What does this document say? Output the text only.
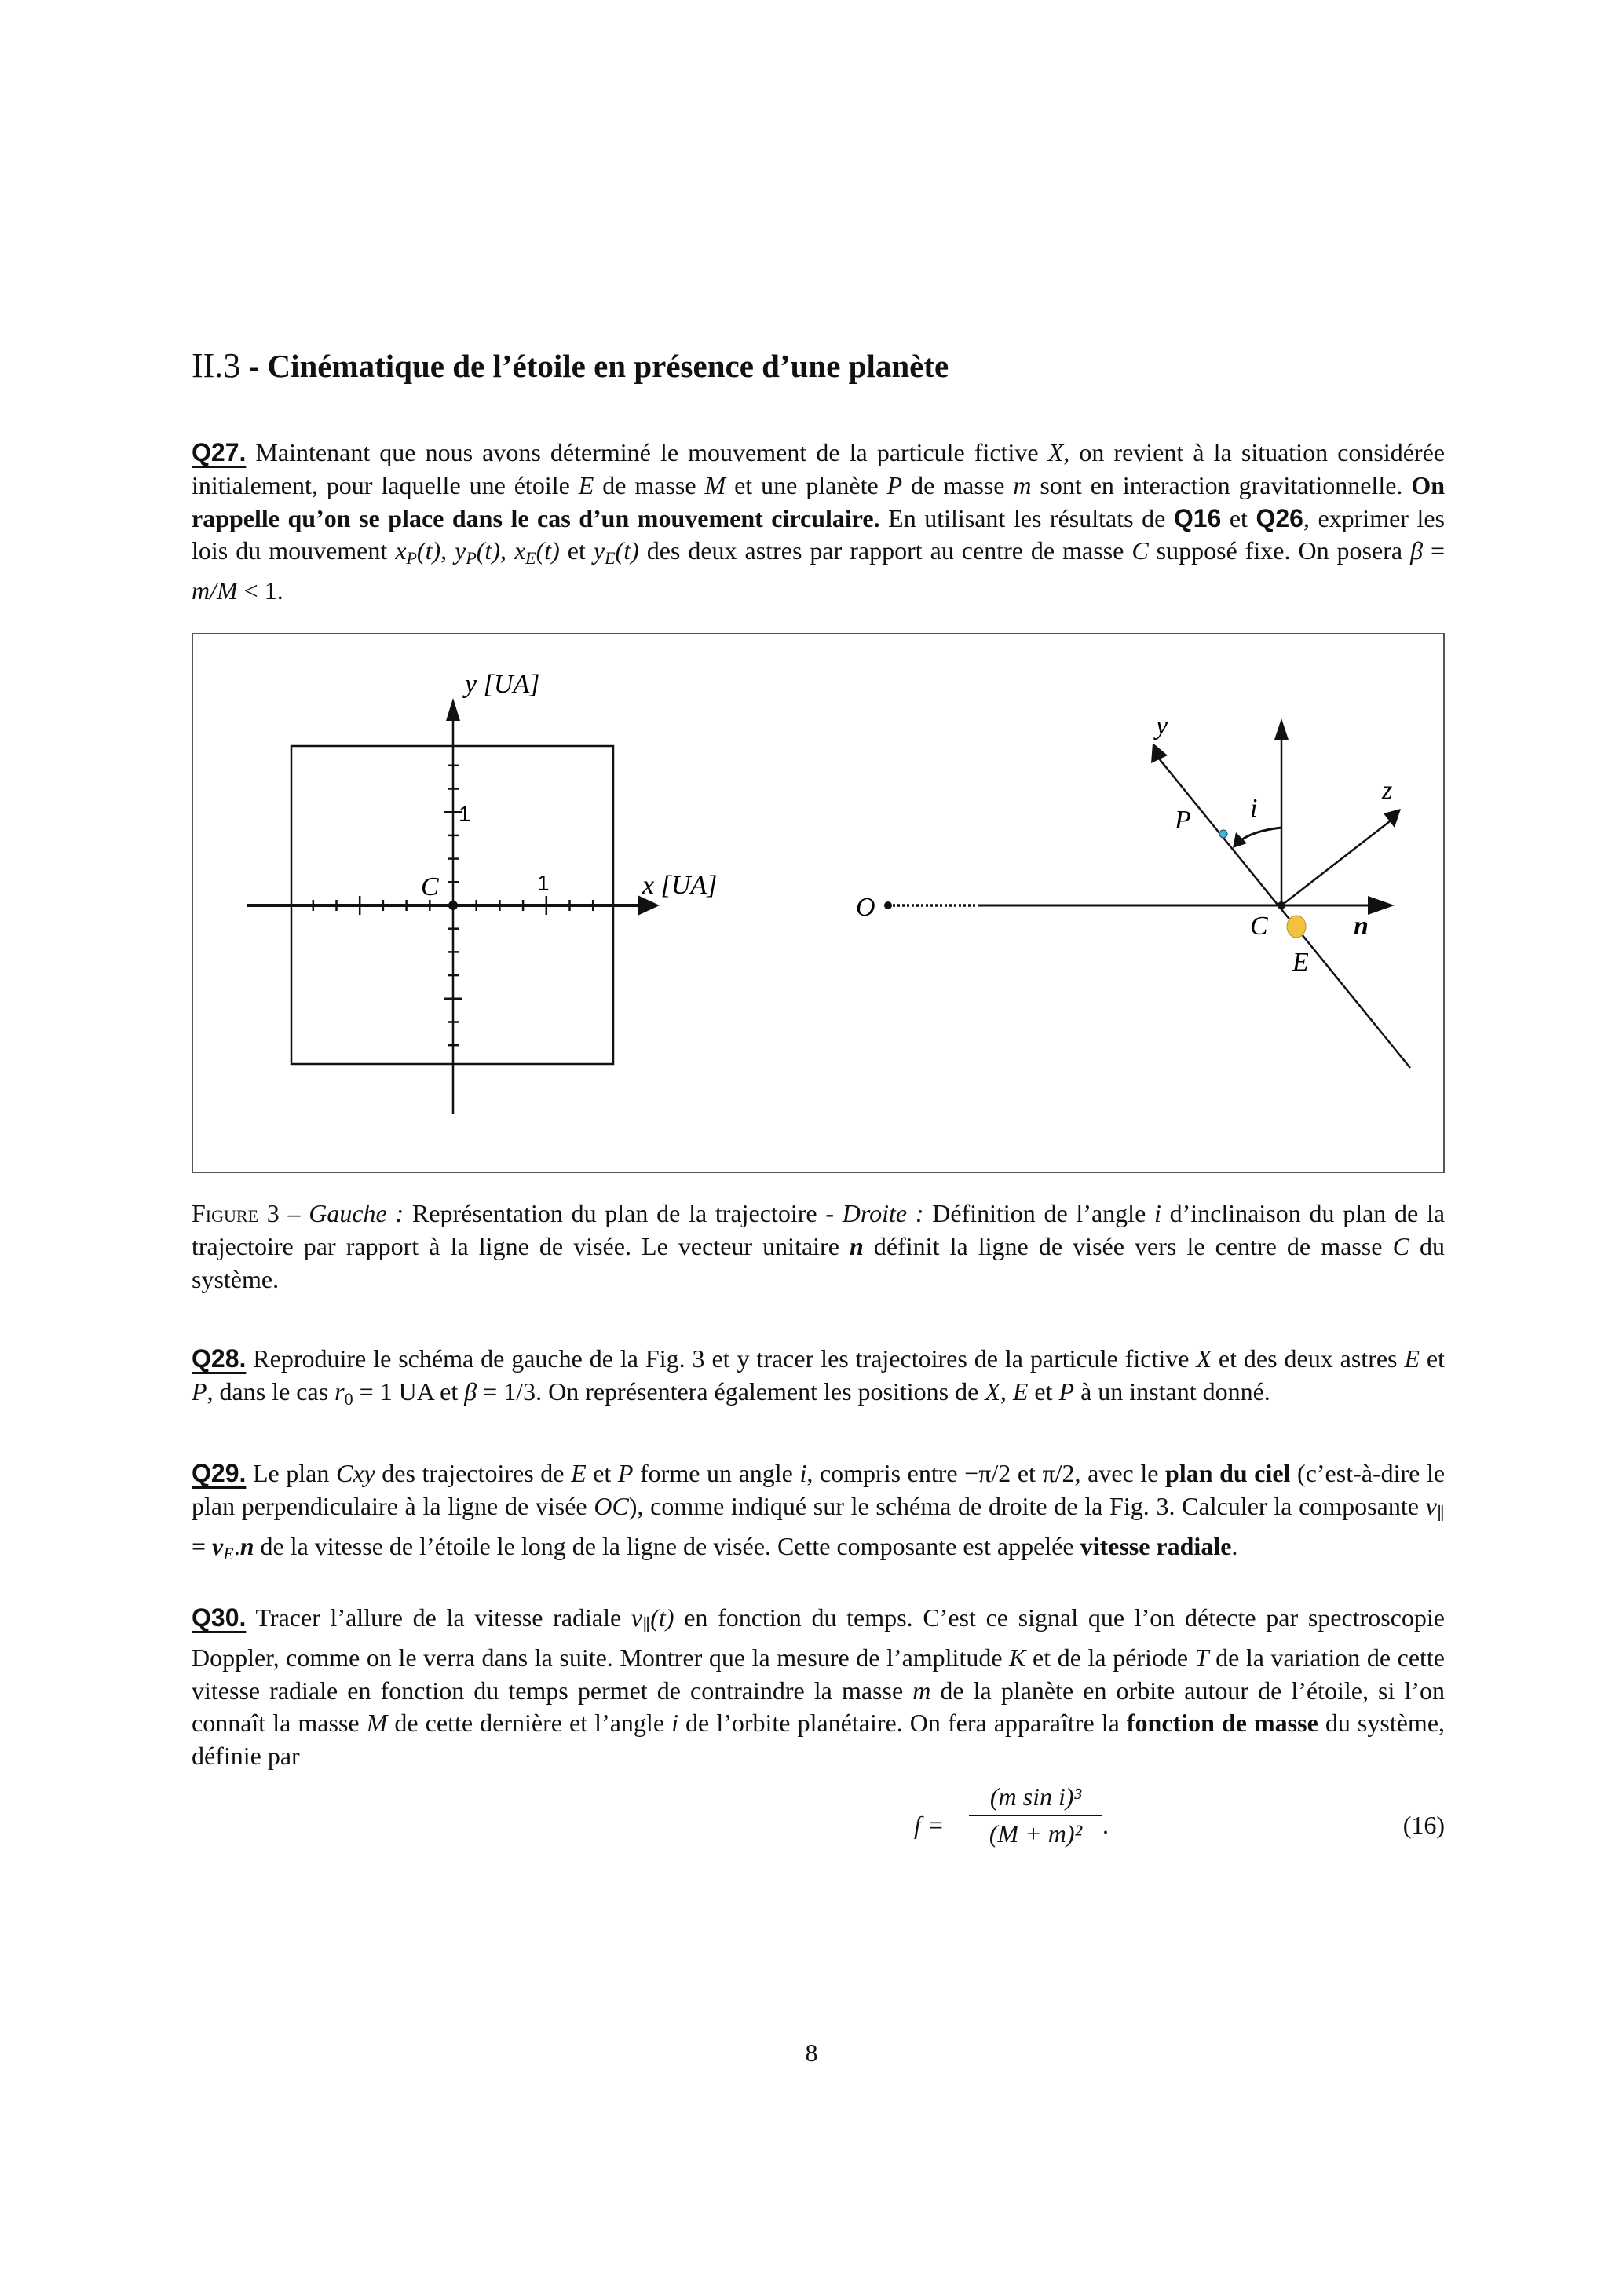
II.3 - Cinématique de l’étoile en présence d’une planète
Q27. Maintenant que nous avons déterminé le mouvement de la particule fictive X, on revient à la situation considérée initialement, pour laquelle une étoile E de masse M et une planète P de masse m sont en interaction gravitationnelle. On rappelle qu’on se place dans le cas d’un mouvement circulaire. En utilisant les résultats de Q16 et Q26, exprimer les lois du mouvement $x_P(t)$, $y_P(t)$, $x_E(t)$ et $y_E(t)$ des deux astres par rapport au centre de masse C supposé fixe. On posera β = m/M < 1.
y [UA]
x [UA]
C
1
1
y
z
P i
O
C	n
E
Figure 3 – Gauche : Représentation du plan de la trajectoire - Droite : Définition de l’angle i d’inclinaison du plan de la trajectoire par rapport à la ligne de visée. Le vecteur unitaire n définit la ligne de visée vers le centre de masse C du système.
Q28. Reproduire le schéma de gauche de la Fig. 3 et y tracer les trajectoires de la particule fictive X et des deux astres E et P, dans le cas r0 = 1 UA et β = 1/3. On représentera également les positions de X, E et P à un instant donné.
Q29. Le plan Cxy des trajectoires de E et P forme un angle i, compris entre −π/2 et π/2, avec le plan du ciel (c’est-à-dire le plan perpendiculaire à la ligne de visée OC), comme indiqué sur le schéma de droite de la Fig. 3. Calculer la composante v∥ = $v_E.n$ de la vitesse de l’étoile le long de la ligne de visée. Cette composante est appelée vitesse radiale.
Q30. Tracer l’allure de la vitesse radiale v∥(t) en fonction du temps. C’est ce signal que l’on détecte par spectroscopie Doppler, comme on le verra dans la suite. Montrer que la mesure de l’amplitude K et de la période T de la variation de cette vitesse radiale en fonction du temps permet de contraindre la masse m de la planète en orbite autour de l’étoile, si l’on connaît la masse M de cette dernière et l’angle i de l’orbite planétaire. On fera apparaître la fonction de masse du système, définie par
f =
(m sin i)³
(M + m)² .	(16)
8
